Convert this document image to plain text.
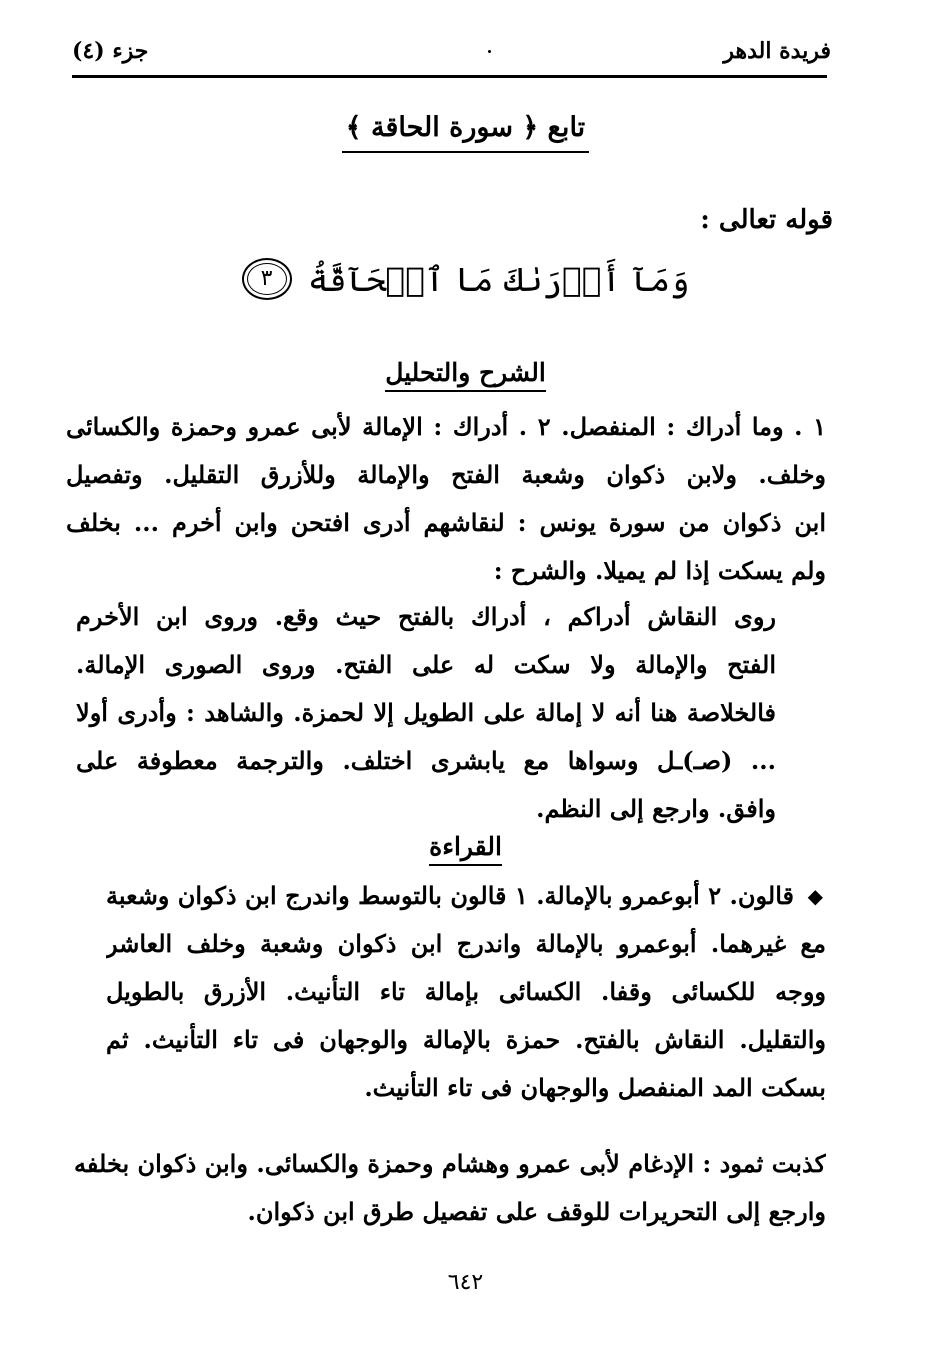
فريدة الدهر
جزء (٤)
تابع ﴿ سورة الحاقة ﴾
قوله تعالى :
وَمَآ أَدۡرَىٰكَ مَا ٱلۡحَآقَّةُ ٣
الشرح والتحليل
١ . وما أدراك : المنفصل. ٢ . أدراك : الإمالة لأبى عمرو وحمزة والكسائى
وخلف. ولابن ذكوان وشعبة الفتح والإمالة وللأزرق التقليل. وتفصيل
ابن ذكوان من سورة يونس : لنقاشهم أدرى افتحن وابن أخرم ... بخلف
ولم يسكت إذا لم يميلا. والشرح :
روى النقاش أدراكم ، أدراك بالفتح حيث وقع. وروى ابن الأخرم
الفتح والإمالة ولا سكت له على الفتح. وروى الصورى الإمالة.
فالخلاصة هنا أنه لا إمالة على الطويل إلا لحمزة. والشاهد : وأدرى أولا
... (صـ)ـل وسواها مع يابشرى اختلف. والترجمة معطوفة على
وافق. وارجع إلى النظم.
القراءة
◆
قالون. ٢ أبوعمرو بالإمالة. ١ قالون بالتوسط واندرج ابن ذكوان وشعبة
مع غيرهما. أبوعمرو بالإمالة واندرج ابن ذكوان وشعبة وخلف العاشر
ووجه للكسائى وقفا. الكسائى بإمالة تاء التأنيث. الأزرق بالطويل
والتقليل. النقاش بالفتح. حمزة بالإمالة والوجهان فى تاء التأنيث. ثم
بسكت المد المنفصل والوجهان فى تاء التأنيث.
كذبت ثمود : الإدغام لأبى عمرو وهشام وحمزة والكسائى. وابن ذكوان بخلفه
وارجع إلى التحريرات للوقف على تفصيل طرق ابن ذكوان.
٦٤٢
